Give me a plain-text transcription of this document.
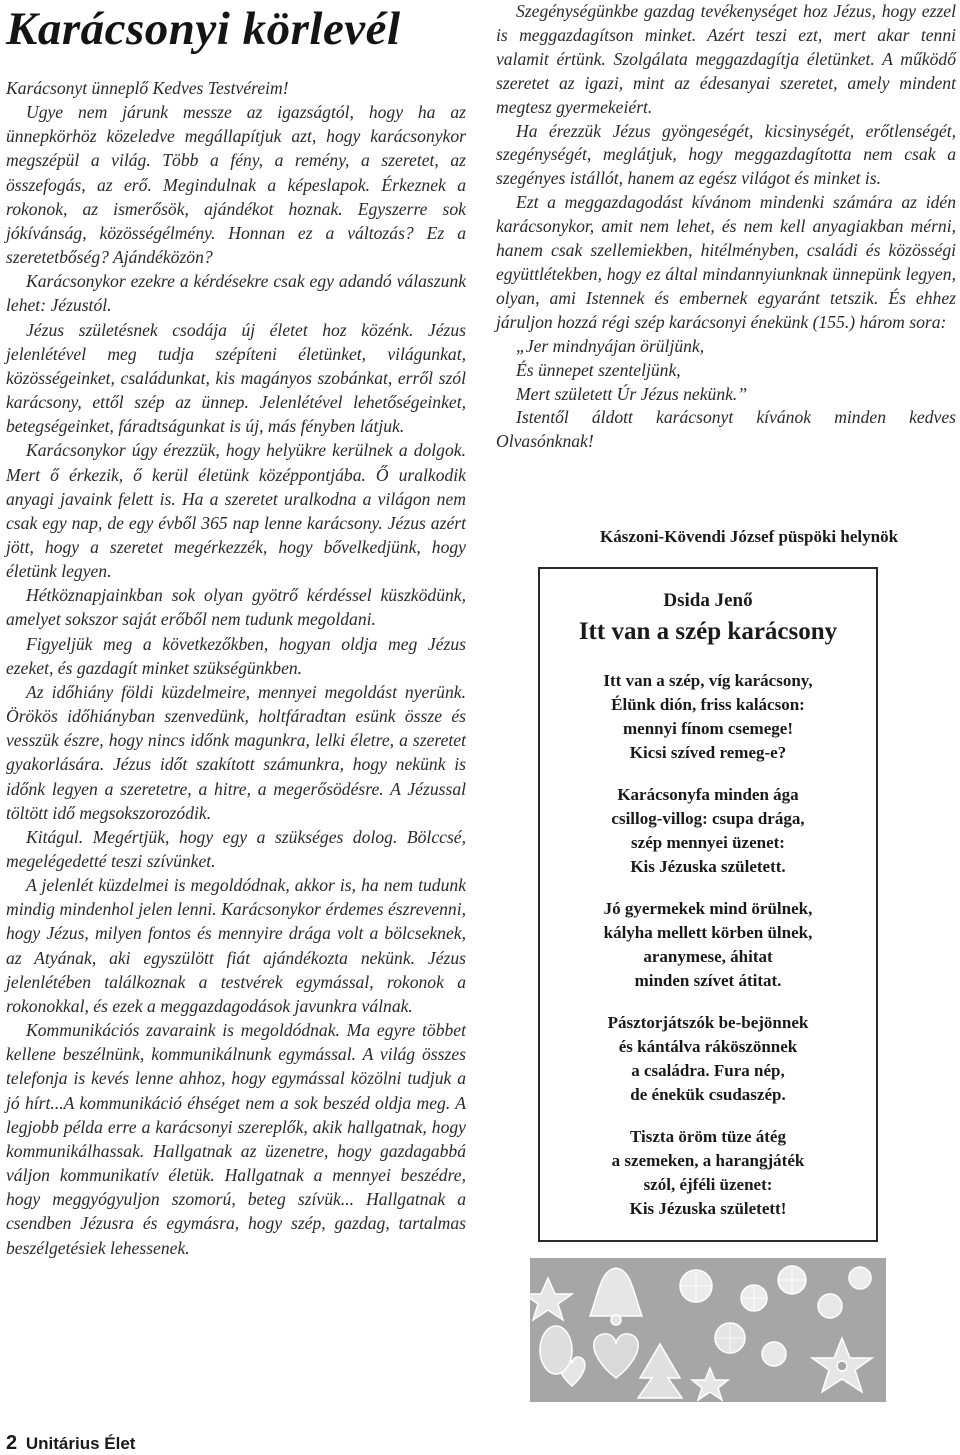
Karácsonyi körlevél

Karácsonyt ünneplő Kedves Testvéreim!

Ugye nem járunk messze az igazságtól, hogy ha az ünnepkörhöz közeledve megállapítjuk azt, hogy karácsonykor megszépül a világ. Több a fény, a remény, a szeretet, az összefogás, az erő. Megindulnak a képeslapok. Érkeznek a rokonok, az ismerősök, ajándékot hoznak. Egyszerre sok jókívánság, közösségélmény. Honnan ez a változás? Ez a szeretetbőség? Ajándéközön?

Karácsonykor ezekre a kérdésekre csak egy adandó válaszunk lehet: Jézustól.

Jézus születésnek csodája új életet hoz közénk. Jézus jelenlétével meg tudja szépíteni életünket, világunkat, közösségeinket, családunkat, kis magányos szobánkat, erről szól karácsony, ettől szép az ünnep. Jelenlétével lehetőségeinket, betegségeinket, fáradtságunkat is új, más fényben látjuk.

Karácsonykor úgy érezzük, hogy helyükre kerülnek a dolgok. Mert ő érkezik, ő kerül életünk középpontjába. Ő uralkodik anyagi javaink felett is. Ha a szeretet uralkodna a világon nem csak egy nap, de egy évből 365 nap lenne karácsony. Jézus azért jött, hogy a szeretet megérkezzék, hogy bővelkedjünk, hogy életünk legyen.

Hétköznapjainkban sok olyan gyötrő kérdéssel küszködünk, amelyet sokszor saját erőből nem tudunk megoldani.

Figyeljük meg a következőkben, hogyan oldja meg Jézus ezeket, és gazdagít minket szükségünkben.

Az időhiány földi küzdelmeire, mennyei megoldást nyerünk. Örökös időhiányban szenvedünk, holtfáradtan esünk össze és vesszük észre, hogy nincs időnk magunkra, lelki életre, a szeretet gyakorlására. Jézus időt szakított számunkra, hogy nekünk is időnk legyen a szeretetre, a hitre, a megerősödésre. A Jézussal töltött idő megsokszorozódik.

Kitágul. Megértjük, hogy egy a szükséges dolog. Bölccsé, megelégedetté teszi szívünket.

A jelenlét küzdelmei is megoldódnak, akkor is, ha nem tudunk mindig mindenhol jelen lenni. Karácsonykor érdemes észrevenni, hogy Jézus, milyen fontos és mennyire drága volt a bölcseknek, az Atyának, aki egyszülött fiát ajándékozta nekünk. Jézus jelenlétében találkoznak a testvérek egymással, rokonok a rokonokkal, és ezek a meggazdagodások javunkra válnak.

Kommunikációs zavaraink is megoldódnak. Ma egyre többet kellene beszélnünk, kommunikálnunk egymással. A világ összes telefonja is kevés lenne ahhoz, hogy egymással közölni tudjuk a jó hírt...A kommunikáció éhséget nem a sok beszéd oldja meg. A legjobb példa erre a karácsonyi szereplők, akik hallgatnak, hogy kommunikálhassak. Hallgatnak az üzenetre, hogy gazdagabbá váljon kommunikatív életük. Hallgatnak a mennyei beszédre, hogy meggyógyuljon szomorú, beteg szívük... Hallgatnak a csendben Jézusra és egymásra, hogy szép, gazdag, tartalmas beszélgetésiek lehessenek.

Szegénységünkbe gazdag tevékenységet hoz Jézus, hogy ezzel is meggazdagítson minket. Azért teszi ezt, mert akar tenni valamit értünk. Szolgálata meggazdagítja életünket. A működő szeretet az igazi, mint az édesanyai szeretet, amely mindent megtesz gyermekeiért.

Ha érezzük Jézus gyöngeségét, kicsinységét, erőtlenségét, szegénységét, meglátjuk, hogy meggazdagította nem csak a szegényes istállót, hanem az egész világot és minket is.

Ezt a meggazdagodást kívánom mindenki számára az idén karácsonykor, amit nem lehet, és nem kell anyagiakban mérni, hanem csak szellemiekben, hitélményben, családi és közösségi együttlétekben, hogy ez által mindannyiunknak ünnepünk legyen, olyan, ami Istennek és embernek egyaránt tetszik. És ehhez járuljon hozzá régi szép karácsonyi énekünk (155.) három sora:

„Jer mindnyájan örüljünk,

És ünnepet szenteljünk,

Mert született Úr Jézus nekünk.”

Istentől áldott karácsonyt kívánok minden kedves Olvasónknak!

Kászoni-Kövendi József püspöki helynök

Dsida Jenő
Itt van a szép karácsony
Itt van a szép, víg karácsony,
Élünk dión, friss kalácson:
mennyi fínom csemege!
Kicsi szíved remeg-e?
Karácsonyfa minden ága
csillog-villog: csupa drága,
szép mennyei üzenet:
Kis Jézuska született.
Jó gyermekek mind örülnek,
kályha mellett körben ülnek,
aranymese, áhitat
minden szívet átitat.
Pásztorjátszók be-bejönnek
és kántálva ráköszönnek
a családra. Fura nép,
de énekük csudaszép.
Tiszta öröm tüze átég
a szemeken, a harangjáték
szól, éjféli üzenet:
Kis Jézuska született!
2 Unitárius Élet
